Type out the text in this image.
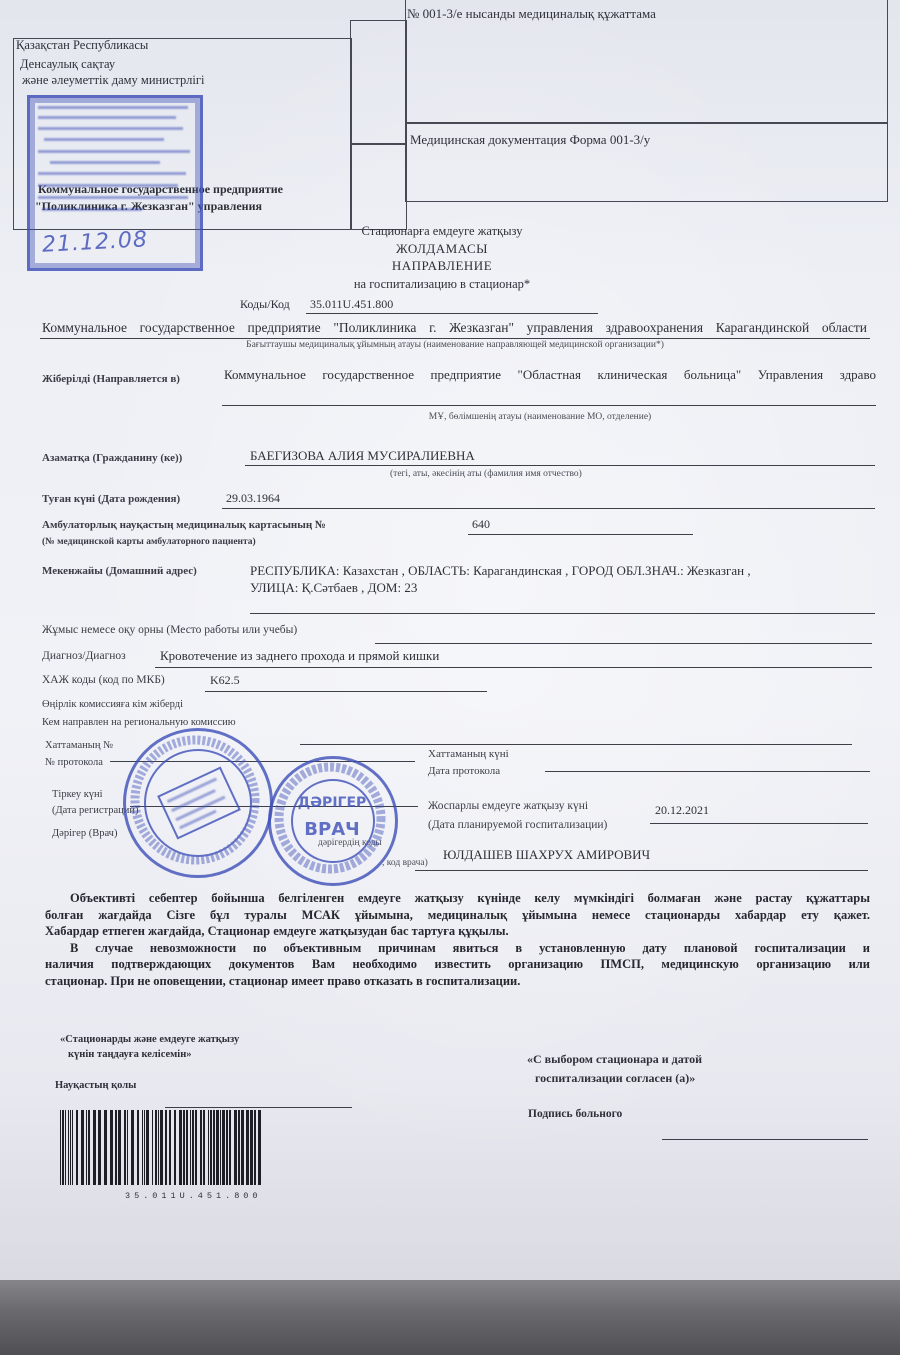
Қазақстан Республикасы
Денсаулық сақтау
және әлеуметтік даму министрлігі
Коммунальное государственное предприятие
"Поликлиника г. Жезказган" управления
№ 001-3/е нысанды медициналық құжаттама
Медицинская документация Форма 001-3/у
21.12.08	Стационарға емдеуге жатқызу
ЖОЛДАМАСЫ
НАПРАВЛЕНИЕ
на госпитализацию в стационар*
Коды/Код 35.011U.451.800
Коммунальное государственное предприятие "Поликлиника г. Жезказган" управления здравоохранения Карагандинской области
Бағыттаушы медициналық ұйымның атауы (наименование направляющей медицинской организации*)
Жіберілді (Направляется в)	Коммунальное государственное предприятие "Областная клиническая больница" Управления здраво
МҰ, бөлімшенің атауы (наименование МО, отделение)
Азаматқа (Гражданину (ке))	БАЕГИЗОВА АЛИЯ МУСИРАЛИЕВНА
(тегі, аты, әкесінің аты (фамилия имя отчество)
Туған күні (Дата рождения)	29.03.1964
Амбулаторлық науқастың медициналық картасының №	640
(№ медицинской карты амбулаторного пациента)
Мекенжайы (Домашний адрес)	РЕСПУБЛИКА: Казахстан , ОБЛАСТЬ: Карагандинская , ГОРОД ОБЛ.ЗНАЧ.: Жезказган ,
УЛИЦА: Қ.Сәтбаев , ДОМ: 23
Жұмыс немесе оқу орны (Место работы или учебы)
Диагноз/Диагноз	Кровотечение из заднего прохода и прямой кишки
ХАЖ коды (код по МКБ)	K62.5
Өңірлік комиссияға кім жіберді
Кем направлен на региональную комиссию
Хаттаманың №
№ протокола
Хаттаманың күні
Дата протокола
Тіркеу күні
(Дата регистрации)	Жоспарлы емдеуге жатқызу күні	20.12.2021
(Дата планируемой госпитализации)
Дәрігер (Врач)
дәрігердің коды
, код врача)
ЮЛДАШЕВ ШАХРУХ АМИРОВИЧ
ДӘРІГЕР
ВРАЧ
Объективті себептер бойынша белгіленген емдеуге жатқызу күнінде келу мүмкіндігі болмаған және растау құжаттары
болған жағдайда Сізге бұл туралы МСАК ұйымына, медициналық ұйымына немесе стационарды хабардар ету қажет.
Хабардар етпеген жағдайда, Стационар емдеуге жатқызудан бас тартуға құқылы.
В случае невозможности по объективным причинам явиться в установленную дату плановой госпитализации и
наличия подтверждающих документов Вам необходимо известить организацию ПМСП, медицинскую организацию или
стационар. При не оповещении, стационар имеет право отказать в госпитализации.
«Стационарды және емдеуге жатқызу
күнін таңдауға келісемін»
Науқастың қолы
«С выбором стационара и датой
госпитализации согласен (а)»
Подпись больного
35.011U.451.800
